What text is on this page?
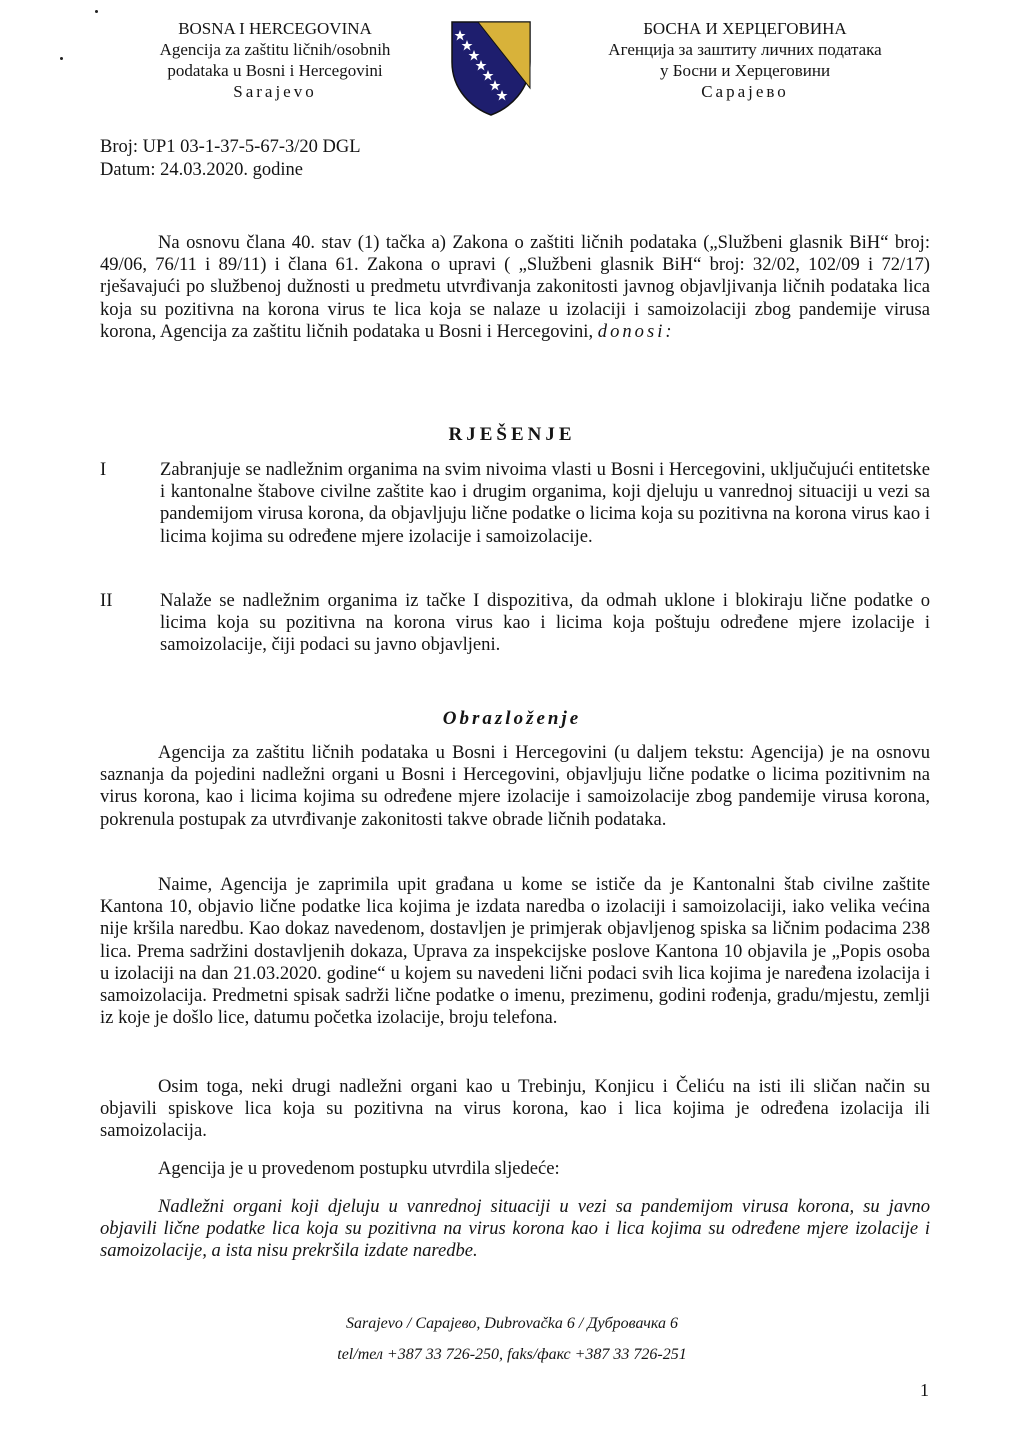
BOSNA I HERCEGOVINA
Agencija za zaštitu ličnih/osobnih
podataka u Bosni i Hercegovini
Sarajevo
БОСНА И ХЕРЦЕГОВИНА
Агенција за заштиту личних података
у Босни и Херцеговини
Сарајево
Broj: UP1 03-1-37-5-67-3/20 DGL
Datum: 24.03.2020. godine
Na osnovu člana 40. stav (1) tačka a) Zakona o zaštiti ličnih podataka („Službeni glasnik BiH“ broj: 49/06, 76/11 i 89/11) i člana 61. Zakona o upravi ( „Službeni glasnik BiH“ broj: 32/02, 102/09 i 72/17) rješavajući po službenoj dužnosti u predmetu utvrđivanja zakonitosti javnog objavljivanja ličnih podataka lica koja su pozitivna na korona virus te lica koja se nalaze u izolaciji i samoizolaciji zbog pandemije virusa korona, Agencija za zaštitu ličnih podataka u Bosni i Hercegovini, donosi:
RJEŠENJE
I	Zabranjuje se nadležnim organima na svim nivoima vlasti u Bosni i Hercegovini, uključujući entitetske i kantonalne štabove civilne zaštite kao i drugim organima, koji djeluju u vanrednoj situaciji u vezi sa pandemijom virusa korona, da objavljuju lične podatke o licima koja su pozitivna na korona virus kao i licima kojima su određene mjere izolacije i samoizolacije.
II	Nalaže se nadležnim organima iz tačke I dispozitiva, da odmah uklone i blokiraju lične podatke o licima koja su pozitivna na korona virus kao i licima koja poštuju određene mjere izolacije i samoizolacije, čiji podaci su javno objavljeni.
Obrazloženje
Agencija za zaštitu ličnih podataka u Bosni i Hercegovini (u daljem tekstu: Agencija) je na osnovu saznanja da pojedini nadležni organi u Bosni i Hercegovini, objavljuju lične podatke o licima pozitivnim na virus korona, kao i licima kojima su određene mjere izolacije i samoizolacije zbog pandemije virusa korona, pokrenula postupak za utvrđivanje zakonitosti takve obrade ličnih podataka.
Naime, Agencija je zaprimila upit građana u kome se ističe da je Kantonalni štab civilne zaštite Kantona 10, objavio lične podatke lica kojima je izdata naredba o izolaciji i samoizolaciji, iako velika većina nije kršila naredbu. Kao dokaz navedenom, dostavljen je primjerak objavljenog spiska sa ličnim podacima 238 lica. Prema sadržini dostavljenih dokaza, Uprava za inspekcijske poslove Kantona 10 objavila je „Popis osoba u izolaciji na dan 21.03.2020. godine“ u kojem su navedeni lični podaci svih lica kojima je naređena izolacija i samoizolacija. Predmetni spisak sadrži lične podatke o imenu, prezimenu, godini rođenja, gradu/mjestu, zemlji iz koje je došlo lice, datumu početka izolacije, broju telefona.
Osim toga, neki drugi nadležni organi kao u Trebinju, Konjicu i Čeliću na isti ili sličan način su objavili spiskove lica koja su pozitivna na virus korona, kao i lica kojima je određena izolacija ili samoizolacija.
Agencija je u provedenom postupku utvrdila sljedeće:
Nadležni organi koji djeluju u vanrednoj situaciji u vezi sa pandemijom virusa korona, su javno objavili lične podatke lica koja su pozitivna na virus korona kao i lica kojima su određene mjere izolacije i samoizolacije, a ista nisu prekršila izdate naredbe.
Sarajevo / Сарајево, Dubrovačka 6 / Дубровачка 6
tel/тел +387 33 726-250, faks/факс +387 33 726-251
1
